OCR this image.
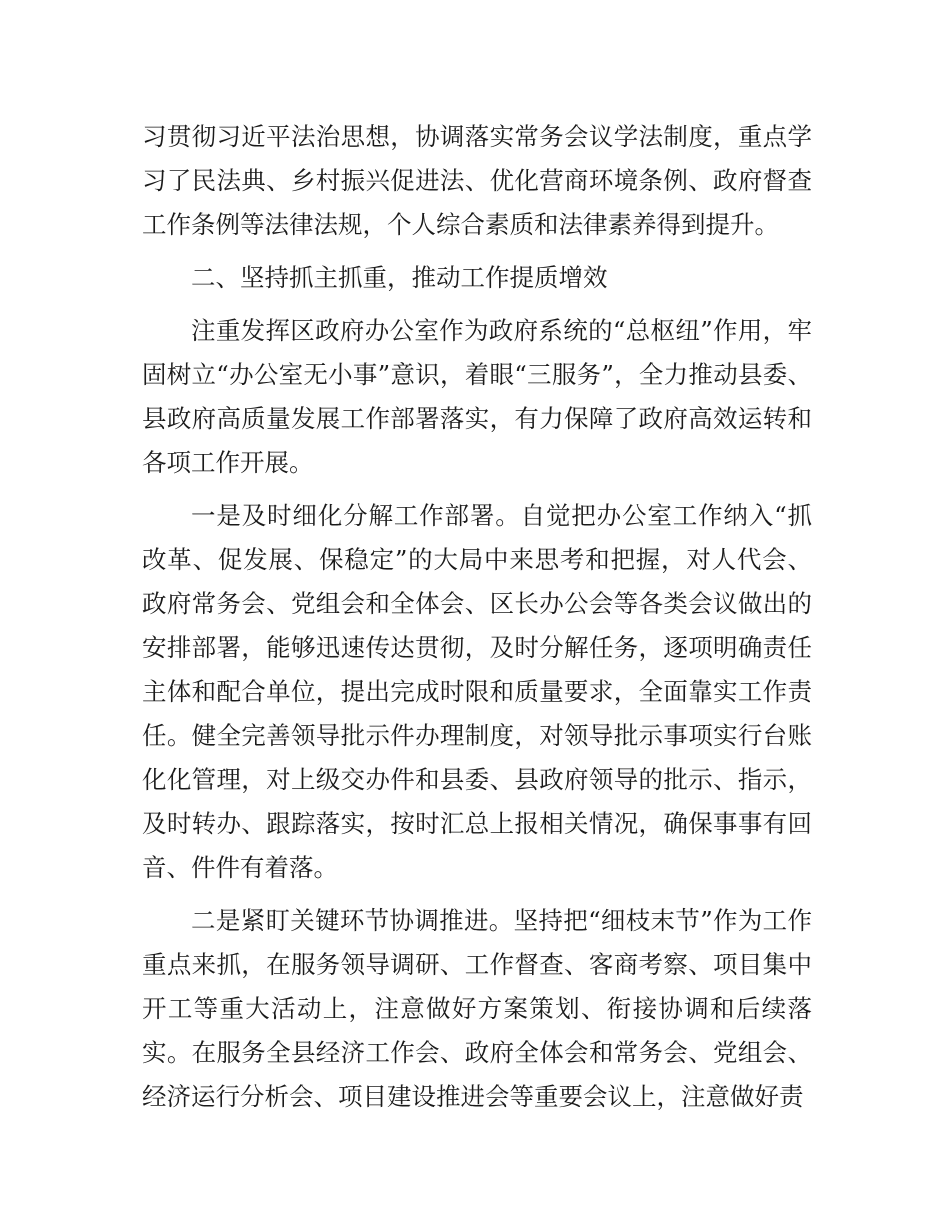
习贯彻习近平法治思想，协调落实常务会议学法制度，重点学习了民法典、乡村振兴促进法、优化营商环境条例、政府督查工作条例等法律法规，个人综合素质和法律素养得到提升。

二、坚持抓主抓重，推动工作提质增效

注重发挥区政府办公室作为政府系统的“总枢纽”作用，牢固树立“办公室无小事”意识，着眼“三服务”，全力推动县委、县政府高质量发展工作部署落实，有力保障了政府高效运转和各项工作开展。

一是及时细化分解工作部署。自觉把办公室工作纳入“抓改革、促发展、保稳定”的大局中来思考和把握，对人代会、政府常务会、党组会和全体会、区长办公会等各类会议做出的安排部署，能够迅速传达贯彻，及时分解任务，逐项明确责任主体和配合单位，提出完成时限和质量要求，全面靠实工作责任。健全完善领导批示件办理制度，对领导批示事项实行台账化化管理，对上级交办件和县委、县政府领导的批示、指示，及时转办、跟踪落实，按时汇总上报相关情况，确保事事有回音、件件有着落。

二是紧盯关键环节协调推进。坚持把“细枝末节”作为工作重点来抓，在服务领导调研、工作督查、客商考察、项目集中开工等重大活动上，注意做好方案策划、衔接协调和后续落实。在服务全县经济工作会、政府全体会和常务会、党组会、经济运行分析会、项目建设推进会等重要会议上，注意做好责
